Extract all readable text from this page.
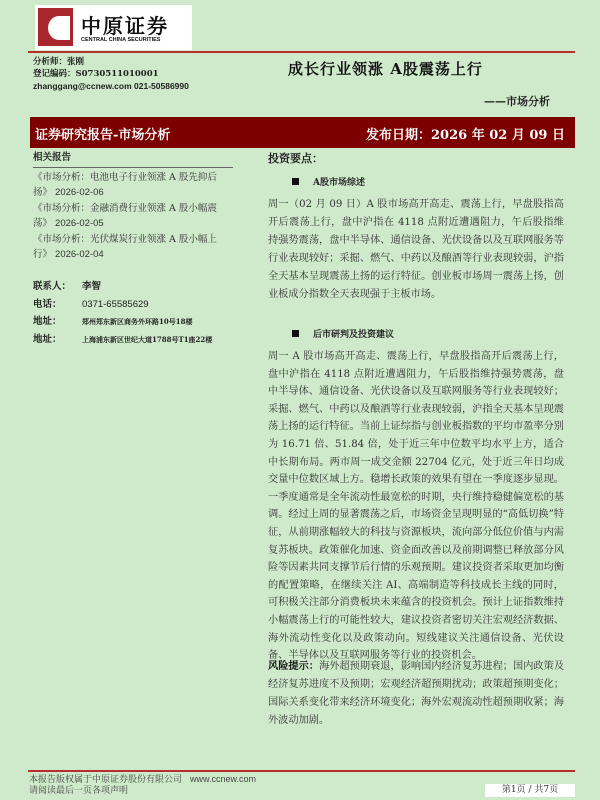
中原证券
CENTRAL CHINA SECURITIES
分析师：张刚
登记编码：S0730511010001
zhanggang@ccnew.com 021-50586990
成长行业领涨 A股震荡上行
——市场分析
证券研究报告-市场分析	发布日期：2026 年 02 月 09 日
相关报告
《市场分析：电池电子行业领涨 A 股先抑后扬》 2026-02-06
《市场分析：金融消费行业领涨 A 股小幅震荡》 2026-02-05
《市场分析：光伏煤炭行业领涨 A 股小幅上行》 2026-02-04
联系人： 李智
电话： 0371-65585629
地址：	郑州郑东新区商务外环路10号18楼
地址：	上海浦东新区世纪大道1788号T1座22楼
投资要点：
A股市场综述

周一（02 月 09 日）A 股市场高开高走、震荡上行，早盘股指高开后震荡上行，盘中沪指在 4118 点附近遭遇阻力，午后股指维持强势震荡，盘中半导体、通信设备、光伏设备以及互联网服务等行业表现较好；采掘、燃气、中药以及酿酒等行业表现较弱，沪指全天基本呈现震荡上扬的运行特征。创业板市场周一震荡上扬，创业板成分指数全天表现强于主板市场。

后市研判及投资建议

周一 A 股市场高开高走、震荡上行，早盘股指高开后震荡上行，盘中沪指在 4118 点附近遭遇阻力，午后股指维持强势震荡，盘中半导体、通信设备、光伏设备以及互联网服务等行业表现较好；采掘、燃气、中药以及酿酒等行业表现较弱，沪指全天基本呈现震荡上扬的运行特征。当前上证综指与创业板指数的平均市盈率分别为 16.71 倍、51.84 倍，处于近三年中位数平均水平上方，适合中长期布局。两市周一成交金额 22704 亿元，处于近三年日均成交量中位数区域上方。稳增长政策的效果有望在一季度逐步显现。一季度通常是全年流动性最宽松的时期，央行维持稳健偏宽松的基调。经过上周的显著震荡之后，市场资金呈现明显的“高低切换”特征，从前期涨幅较大的科技与资源板块，流向部分低位价值与内需复苏板块。政策催化加速、资金面改善以及前期调整已释放部分风险等因素共同支撑节后行情的乐观预期。建议投资者采取更加均衡的配置策略，在继续关注 AI、高端制造等科技成长主线的同时，可积极关注部分消费板块未来蕴含的投资机会。预计上证指数维持小幅震荡上行的可能性较大，建议投资者密切关注宏观经济数据、海外流动性变化以及政策动向。短线建议关注通信设备、光伏设备、半导体以及互联网服务等行业的投资机会。

风险提示：海外超预期衰退，影响国内经济复苏进程；国内政策及经济复苏进度不及预期；宏观经济超预期扰动；政策超预期变化；国际关系变化带来经济环境变化；海外宏观流动性超预期收紧；海外波动加剧。
本报告版权属于中原证券股份有限公司 www.ccnew.com
请阅读最后一页各项声明	第1页 / 共7页
